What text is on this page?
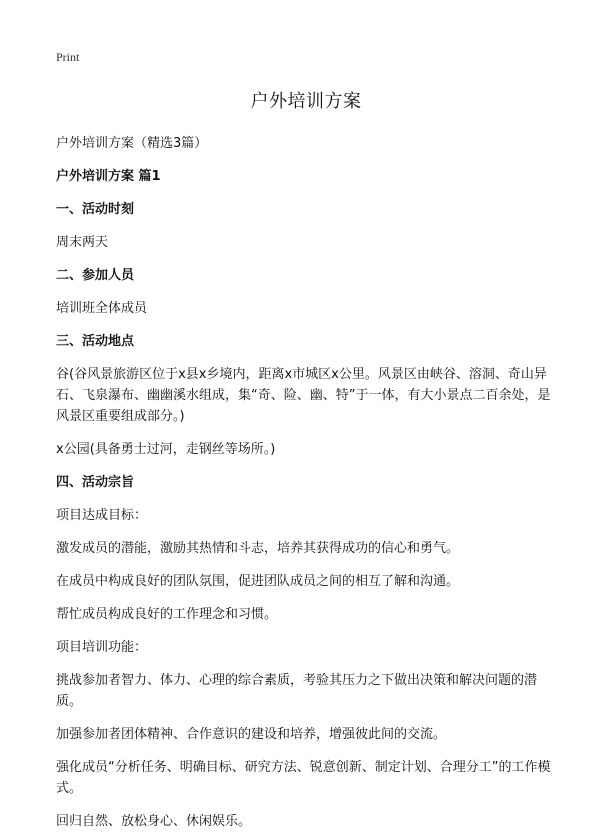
Print
户外培训方案

户外培训方案（精选3篇）

户外培训方案 篇1

一、活动时刻

周末两天

二、参加人员

培训班全体成员

三、活动地点

谷(谷风景旅游区位于x县x乡境内，距离x市城区x公里。风景区由峡谷、溶洞、奇山异石、飞泉瀑布、幽幽溪水组成，集“奇、险、幽、特”于一体，有大小景点二百余处，是风景区重要组成部分。)

x公园(具备勇士过河，走钢丝等场所。)

四、活动宗旨

项目达成目标：

激发成员的潜能，激励其热情和斗志，培养其获得成功的信心和勇气。

在成员中构成良好的团队氛围，促进团队成员之间的相互了解和沟通。

帮忙成员构成良好的工作理念和习惯。

项目培训功能：

挑战参加者智力、体力、心理的综合素质，考验其压力之下做出决策和解决问题的潜质。

加强参加者团体精神、合作意识的建设和培养，增强彼此间的交流。

强化成员“分析任务、明确目标、研究方法、锐意创新、制定计划、合理分工”的工作模式。

回归自然、放松身心、休闲娱乐。
